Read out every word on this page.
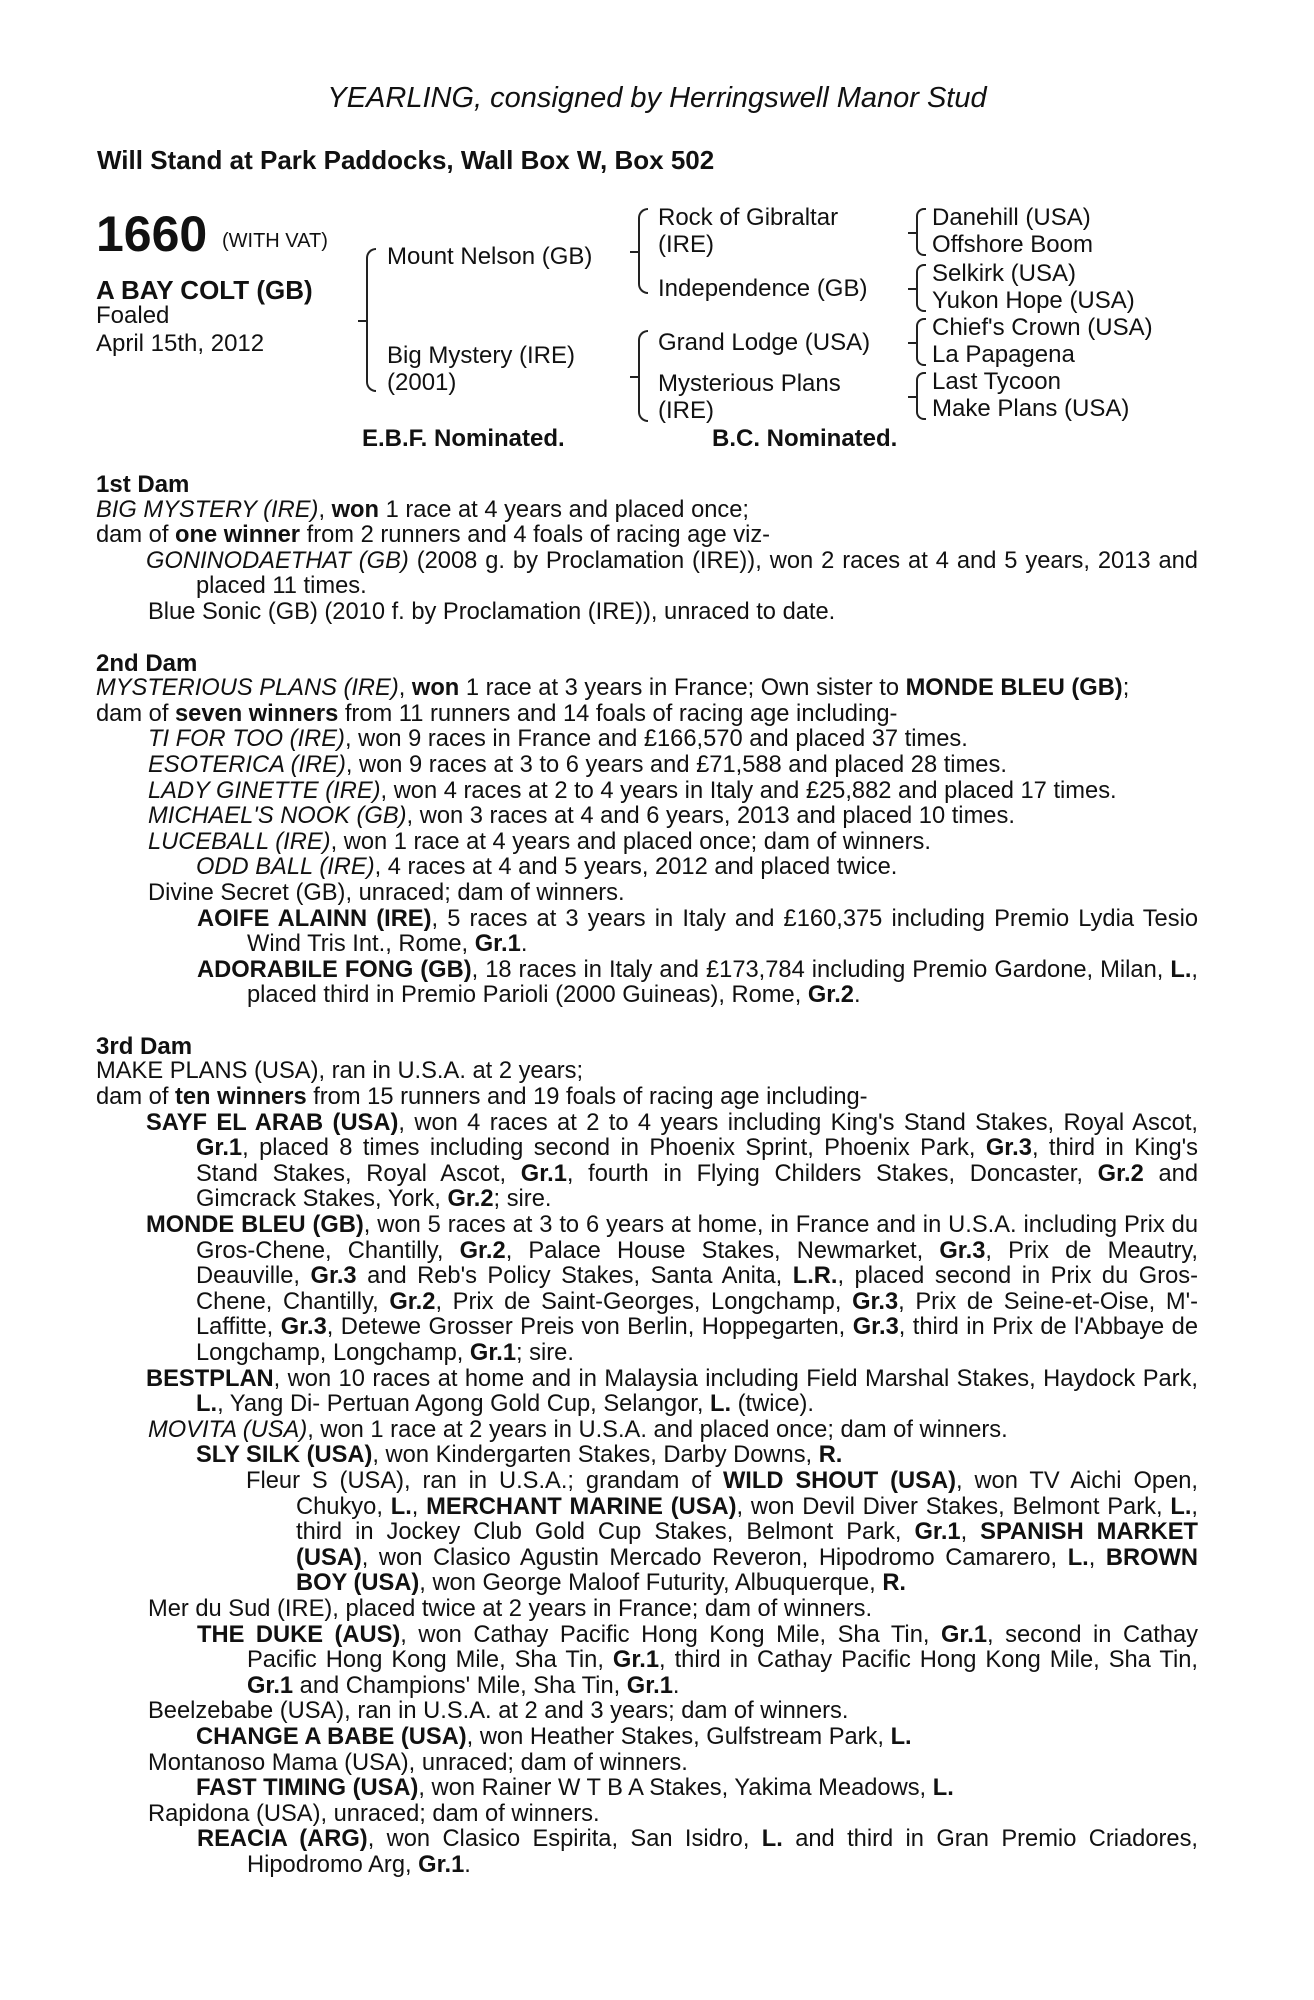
YEARLING, consigned by Herringswell Manor Stud
Will Stand at Park Paddocks, Wall Box W, Box 502
1660 (WITH VAT)
A BAY COLT (GB)
Foaled
April 15th, 2012
Mount Nelson (GB)
Big Mystery (IRE)
(2001)
Rock of Gibraltar
(IRE)
Independence (GB)
Grand Lodge (USA)
Mysterious Plans
(IRE)
Danehill (USA)
Offshore Boom
Selkirk (USA)
Yukon Hope (USA)
Chief's Crown (USA)
La Papagena
Last Tycoon
Make Plans (USA)
E.B.F. Nominated.	B.C. Nominated.

1st Dam

BIG MYSTERY (IRE), won 1 race at 4 years and placed once;

dam of one winner from 2 runners and 4 foals of racing age viz-

GONINODAETHAT (GB) (2008 g. by Proclamation (IRE)), won 2 races at 4 and 5 years, 2013 and placed 11 times.

Blue Sonic (GB) (2010 f. by Proclamation (IRE)), unraced to date.

2nd Dam

MYSTERIOUS PLANS (IRE), won 1 race at 3 years in France; Own sister to MONDE BLEU (GB);

dam of seven winners from 11 runners and 14 foals of racing age including-

TI FOR TOO (IRE), won 9 races in France and £166,570 and placed 37 times.

ESOTERICA (IRE), won 9 races at 3 to 6 years and £71,588 and placed 28 times.

LADY GINETTE (IRE), won 4 races at 2 to 4 years in Italy and £25,882 and placed 17 times.

MICHAEL'S NOOK (GB), won 3 races at 4 and 6 years, 2013 and placed 10 times.

LUCEBALL (IRE), won 1 race at 4 years and placed once; dam of winners.

ODD BALL (IRE), 4 races at 4 and 5 years, 2012 and placed twice.

Divine Secret (GB), unraced; dam of winners.

AOIFE ALAINN (IRE), 5 races at 3 years in Italy and £160,375 including Premio Lydia Tesio Wind Tris Int., Rome, Gr.1.

ADORABILE FONG (GB), 18 races in Italy and £173,784 including Premio Gardone, Milan, L., placed third in Premio Parioli (2000 Guineas), Rome, Gr.2.

3rd Dam

MAKE PLANS (USA), ran in U.S.A. at 2 years;

dam of ten winners from 15 runners and 19 foals of racing age including-

SAYF EL ARAB (USA), won 4 races at 2 to 4 years including King's Stand Stakes, Royal Ascot, Gr.1, placed 8 times including second in Phoenix Sprint, Phoenix Park, Gr.3, third in King's Stand Stakes, Royal Ascot, Gr.1, fourth in Flying Childers Stakes, Doncaster, Gr.2 and Gimcrack Stakes, York, Gr.2; sire.

MONDE BLEU (GB), won 5 races at 3 to 6 years at home, in France and in U.S.A. including Prix du Gros-Chene, Chantilly, Gr.2, Palace House Stakes, Newmarket, Gr.3, Prix de Meautry, Deauville, Gr.3 and Reb's Policy Stakes, Santa Anita, L.R., placed second in Prix du Gros-Chene, Chantilly, Gr.2, Prix de Saint-Georges, Longchamp, Gr.3, Prix de Seine-et-Oise, M'-Laffitte, Gr.3, Detewe Grosser Preis von Berlin, Hoppegarten, Gr.3, third in Prix de l'Abbaye de Longchamp, Longchamp, Gr.1; sire.

BESTPLAN, won 10 races at home and in Malaysia including Field Marshal Stakes, Haydock Park, L., Yang Di- Pertuan Agong Gold Cup, Selangor, L. (twice).

MOVITA (USA), won 1 race at 2 years in U.S.A. and placed once; dam of winners.

SLY SILK (USA), won Kindergarten Stakes, Darby Downs, R.

Fleur S (USA), ran in U.S.A.; grandam of WILD SHOUT (USA), won TV Aichi Open, Chukyo, L., MERCHANT MARINE (USA), won Devil Diver Stakes, Belmont Park, L., third in Jockey Club Gold Cup Stakes, Belmont Park, Gr.1, SPANISH MARKET (USA), won Clasico Agustin Mercado Reveron, Hipodromo Camarero, L., BROWN BOY (USA), won George Maloof Futurity, Albuquerque, R.

Mer du Sud (IRE), placed twice at 2 years in France; dam of winners.

THE DUKE (AUS), won Cathay Pacific Hong Kong Mile, Sha Tin, Gr.1, second in Cathay Pacific Hong Kong Mile, Sha Tin, Gr.1, third in Cathay Pacific Hong Kong Mile, Sha Tin, Gr.1 and Champions' Mile, Sha Tin, Gr.1.

Beelzebabe (USA), ran in U.S.A. at 2 and 3 years; dam of winners.

CHANGE A BABE (USA), won Heather Stakes, Gulfstream Park, L.

Montanoso Mama (USA), unraced; dam of winners.

FAST TIMING (USA), won Rainer W T B A Stakes, Yakima Meadows, L.

Rapidona (USA), unraced; dam of winners.

REACIA (ARG), won Clasico Espirita, San Isidro, L. and third in Gran Premio Criadores, Hipodromo Arg, Gr.1.
